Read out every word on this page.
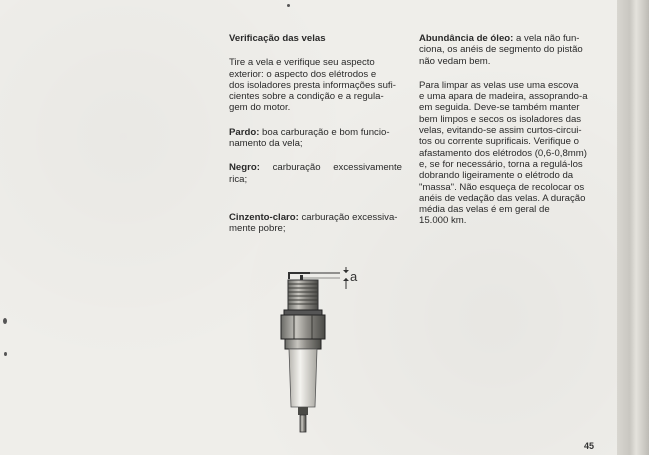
Verificação das velas

Tire a vela e verifique seu aspecto

exterior: o aspecto dos elétrodos e

dos isoladores presta informações sufi-

cientes sobre a condição e a regula-

gem do motor.

Pardo: boa carburação e bom funcio-

namento da vela;

Negro: carburação excessivamente

rica;

Cinzento-claro: carburação excessiva-

mente pobre;

Abundância de óleo: a vela não fun-

ciona, os anéis de segmento do pistão

não vedam bem.

Para limpar as velas use uma escova

e uma apara de madeira, assoprando-a

em seguida. Deve-se também manter

bem limpos e secos os isoladores das

velas, evitando-se assim curtos-circui-

tos ou corrente suprificais. Verifique o

afastamento dos elétrodos (0,6-0,8mm)

e, se for necessário, torna a regulá-los

dobrando ligeiramente o elétrodo da

"massa". Não esqueça de recolocar os

anéis de vedação das velas. A duração

média das velas é em geral de

15.000 km.

a
45
